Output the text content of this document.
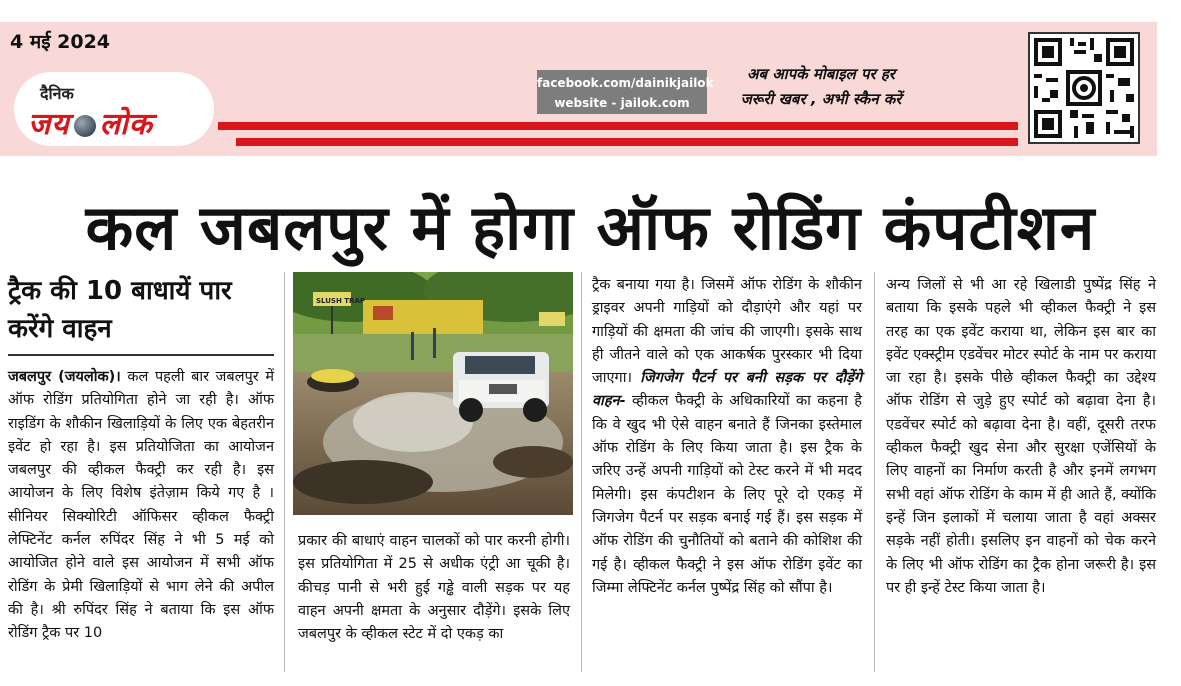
4 मई 2024
दैनिक
जय लोक
facebook.com/dainikjailok
website - jailok.com
अब आपके मोबाइल पर हर
जरूरी खबर , अभी स्कैन करें
कल जबलपुर में होगा ऑफ रोडिंग कंपटीशन
ट्रैक की 10 बाधायें पार करेंगे वाहन

जबलपुर (जयलोक)। कल पहली बार जबलपुर में ऑफ रोडिंग प्रतियोगिता होने जा रही है। ऑफ राइडिंग के शौकीन खिलाड़ियों के लिए एक बेहतरीन इवेंट हो रहा है। इस प्रतियोजिता का आयोजन जबलपुर की व्हीकल फैक्ट्री कर रही है। इस आयोजन के लिए विशेष इंतेज़ाम किये गए है । सीनियर सिक्योरिटी ऑफिसर व्हीकल फैक्ट्री लेफ्टिनेंट कर्नल रुपिंदर सिंह ने भी 5 मई को आयोजित होने वाले इस आयोजन में सभी ऑफ रोडिंग के प्रेमी खिलाड़ियों से भाग लेने की अपील की है। श्री रुपिंदर सिंह ने बताया कि इस ऑफ रोडिंग ट्रैक पर 10

SLUSH TRAP

प्रकार की बाधाएं वाहन चालकों को पार करनी होगी। इस प्रतियोगिता में 25 से अधीक एंट्री आ चूकी है। कीचड़ पानी से भरी हुई गड्ढे वाली सड़क पर यह वाहन अपनी क्षमता के अनुसार दौड़ेंगे। इसके लिए जबलपुर के व्हीकल स्टेट में दो एकड़ का

ट्रैक बनाया गया है। जिसमें ऑफ रोडिंग के शौकीन ड्राइवर अपनी गाड़ियों को दौड़ाएंगे और यहां पर गाड़ियों की क्षमता की जांच की जाएगी। इसके साथ ही जीतने वाले को एक आकर्षक पुरस्कार भी दिया जाएगा। जिगजेग पैटर्न पर बनी सड़क पर दौड़ेंगे वाहन- व्हीकल फैक्ट्री के अधिकारियों का कहना है कि वे खुद भी ऐसे वाहन बनाते हैं जिनका इस्तेमाल ऑफ रोडिंग के लिए किया जाता है। इस ट्रैक के जरिए उन्हें अपनी गाड़ियों को टेस्ट करने में भी मदद मिलेगी। इस कंपटीशन के लिए पूरे दो एकड़ में जिगजेग पैटर्न पर सड़क बनाई गई हैं। इस सड़क में ऑफ रोडिंग की चुनौतियों को बताने की कोशिश की गई है। व्हीकल फैक्ट्री ने इस ऑफ रोडिंग इवेंट का जिम्मा लेफ्टिनेंट कर्नल पुष्पेंद्र सिंह को सौंपा है।

अन्य जिलों से भी आ रहे खिलाडी पुष्पेंद्र सिंह ने बताया कि इसके पहले भी व्हीकल फैक्ट्री ने इस तरह का एक इवेंट कराया था, लेकिन इस बार का इवेंट एक्स्ट्रीम एडवेंचर मोटर स्पोर्ट के नाम पर कराया जा रहा है। इसके पीछे व्हीकल फैक्ट्री का उद्देश्य ऑफ रोडिंग से जुड़े हुए स्पोर्ट को बढ़ावा देना है। एडवेंचर स्पोर्ट को बढ़ावा देना है। वहीं, दूसरी तरफ व्हीकल फैक्ट्री खुद सेना और सुरक्षा एजेंसियों के लिए वाहनों का निर्माण करती है और इनमें लगभग सभी वहां ऑफ रोडिंग के काम में ही आते हैं, क्योंकि इन्हें जिन इलाकों में चलाया जाता है वहां अक्सर सड़के नहीं होती। इसलिए इन वाहनों को चेक करने के लिए भी ऑफ रोडिंग का ट्रैक होना जरूरी है। इस पर ही इन्हें टेस्ट किया जाता है।
